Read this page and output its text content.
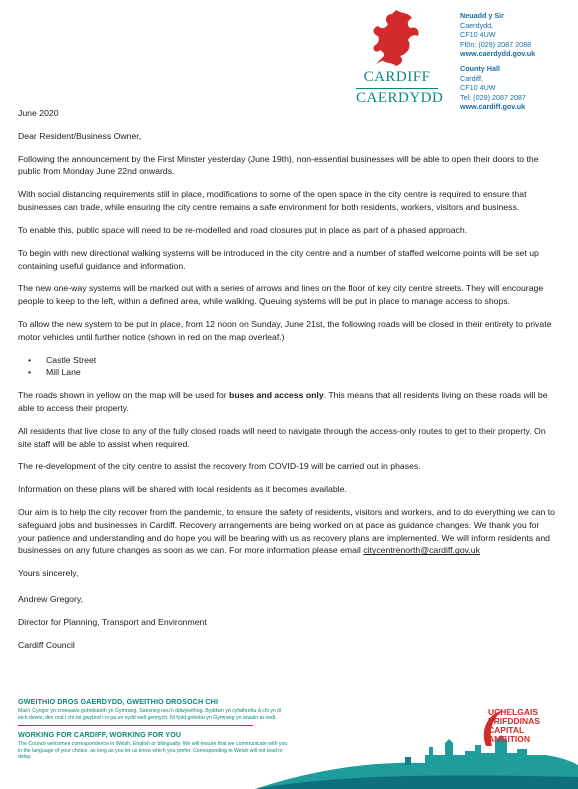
CARDIFF
CAERDYDD
Neuadd y Sir
Caerdydd,
CF10 4UW
Ffôn: (029) 2087 2088
www.caerdydd.gov.uk
County Hall
Cardiff,
CF10 4UW
Tel: (029) 2087 2087
www.cardiff.gov.uk

June 2020

Dear Resident/Business Owner,

Following the announcement by the First Minster yesterday (June 19th), non-essential businesses will be able to open their doors to the public from Monday June 22nd onwards.

With social distancing requirements still in place, modifications to some of the open space in the city centre is required to ensure that businesses can trade, while ensuring the city centre remains a safe environment for both residents, workers, visitors and business.

To enable this, public space will need to be re-modelled and road closures put in place as part of a phased approach.

To begin with new directional walking systems will be introduced in the city centre and a number of staffed welcome points will be set up containing useful guidance and information.

The new one-way systems will be marked out with a series of arrows and lines on the floor of key city centre streets. They will encourage people to keep to the left, within a defined area, while walking. Queuing systems will be put in place to manage access to shops.

To allow the new system to be put in place, from 12 noon on Sunday, June 21st, the following roads will be closed in their entirety to private motor vehicles until further notice (shown in red on the map overleaf.)

• Castle Street
• Mill Lane

The roads shown in yellow on the map will be used for buses and access only. This means that all residents living on these roads will be able to access their property.

All residents that live close to any of the fully closed roads will need to navigate through the access-only routes to get to their property. On site staff will be able to assist when required.

The re-development of the city centre to assist the recovery from COVID-19 will be carried out in phases.

Information on these plans will be shared with local residents as it becomes available.

Our aim is to help the city recover from the pandemic, to ensure the safety of residents, visitors and workers, and to do everything we can to safeguard jobs and businesses in Cardiff. Recovery arrangements are being worked on at pace as guidance changes. We thank you for your patience and understanding and do hope you will be bearing with us as recovery plans are implemented. We will inform residents and businesses on any future changes as soon as we can. For more information please email citycentrenorth@cardiff.gov.uk

Yours sincerely,

Andrew Gregory,

Director for Planning, Transport and Environment

Cardiff Council

GWEITHIO DROS GAERDYDD, GWEITHIO DROSOCH CHI
Mae'r Cyngor yn croesawu gohebiaeth yn Gymraeg, Saesneg neu'n ddwyieithog. Byddwn yn cyfathrebu â chi yn ôl eich dewis, dim ond i chi roi gwybod i ni pa un sydd well gennych. Ni fydd gohebu yn Gymraeg yn arwain at oedi.
WORKING FOR CARDIFF, WORKING FOR YOU
The Council welcomes correspondence in Welsh, English or bilingually. We will ensure that we communicate with you in the language of your choice, as long as you let us know which you prefer. Corresponding in Welsh will not lead to delay.
UCHELGAIS
PRIFDDINAS
CAPITAL
AMBITION
